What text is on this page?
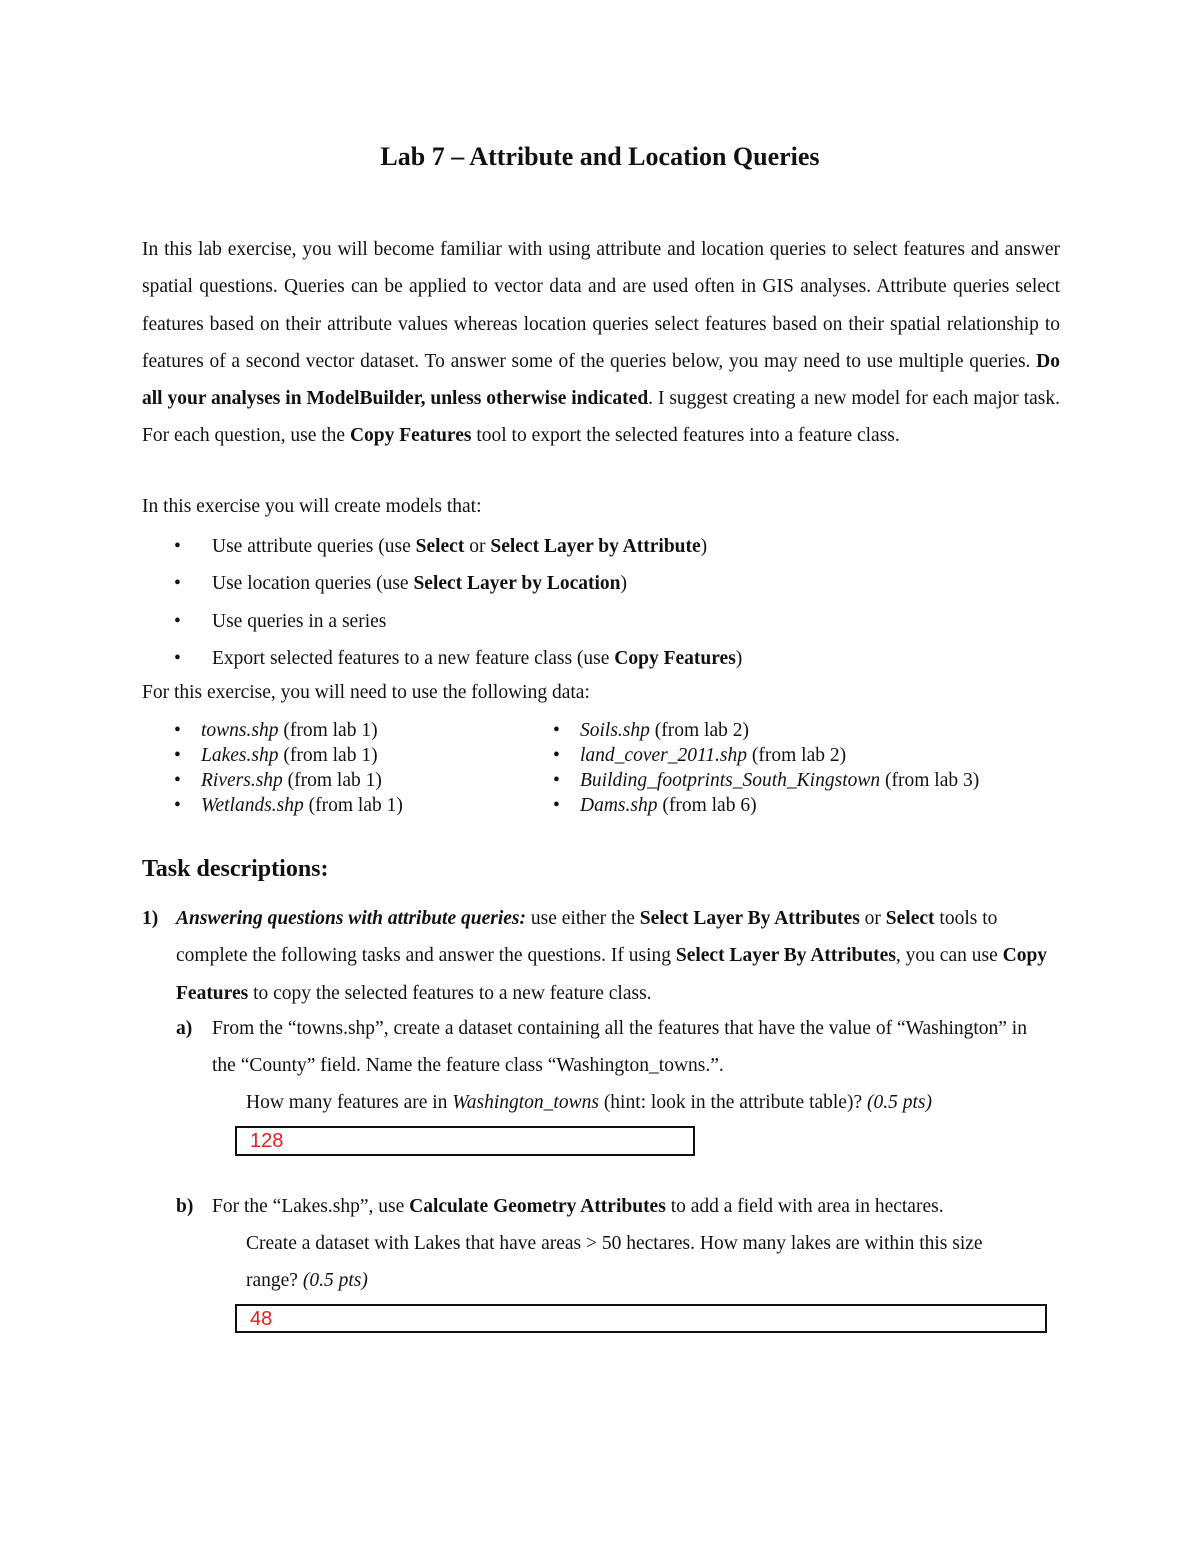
Lab 7 – Attribute and Location Queries

In this lab exercise, you will become familiar with using attribute and location queries to select features and answer spatial questions. Queries can be applied to vector data and are used often in GIS analyses. Attribute queries select features based on their attribute values whereas location queries select features based on their spatial relationship to features of a second vector dataset. To answer some of the queries below, you may need to use multiple queries. Do all your analyses in ModelBuilder, unless otherwise indicated. I suggest creating a new model for each major task. For each question, use the Copy Features tool to export the selected features into a feature class.

In this exercise you will create models that:

• Use attribute queries (use Select or Select Layer by Attribute)
• Use location queries (use Select Layer by Location)
• Use queries in a series
• Export selected features to a new feature class (use Copy Features)

For this exercise, you will need to use the following data:

• towns.shp (from lab 1)
• Lakes.shp (from lab 1)
• Rivers.shp (from lab 1)
• Wetlands.shp (from lab 1)
• Soils.shp (from lab 2)
• land_cover_2011.shp (from lab 2)
• Building_footprints_South_Kingstown (from lab 3)
• Dams.shp (from lab 6)
Task descriptions:
1) Answering questions with attribute queries: use either the Select Layer By Attributes or Select tools to complete the following tasks and answer the questions. If using Select Layer By Attributes, you can use Copy Features to copy the selected features to a new feature class.
a) From the “towns.shp”, create a dataset containing all the features that have the value of “Washington” in the “County” field. Name the feature class “Washington_towns.”.
How many features are in Washington_towns (hint: look in the attribute table)? (0.5 pts)
128
b) For the “Lakes.shp”, use Calculate Geometry Attributes to add a field with area in hectares.
Create a dataset with Lakes that have areas > 50 hectares. How many lakes are within this size range? (0.5 pts)
48
